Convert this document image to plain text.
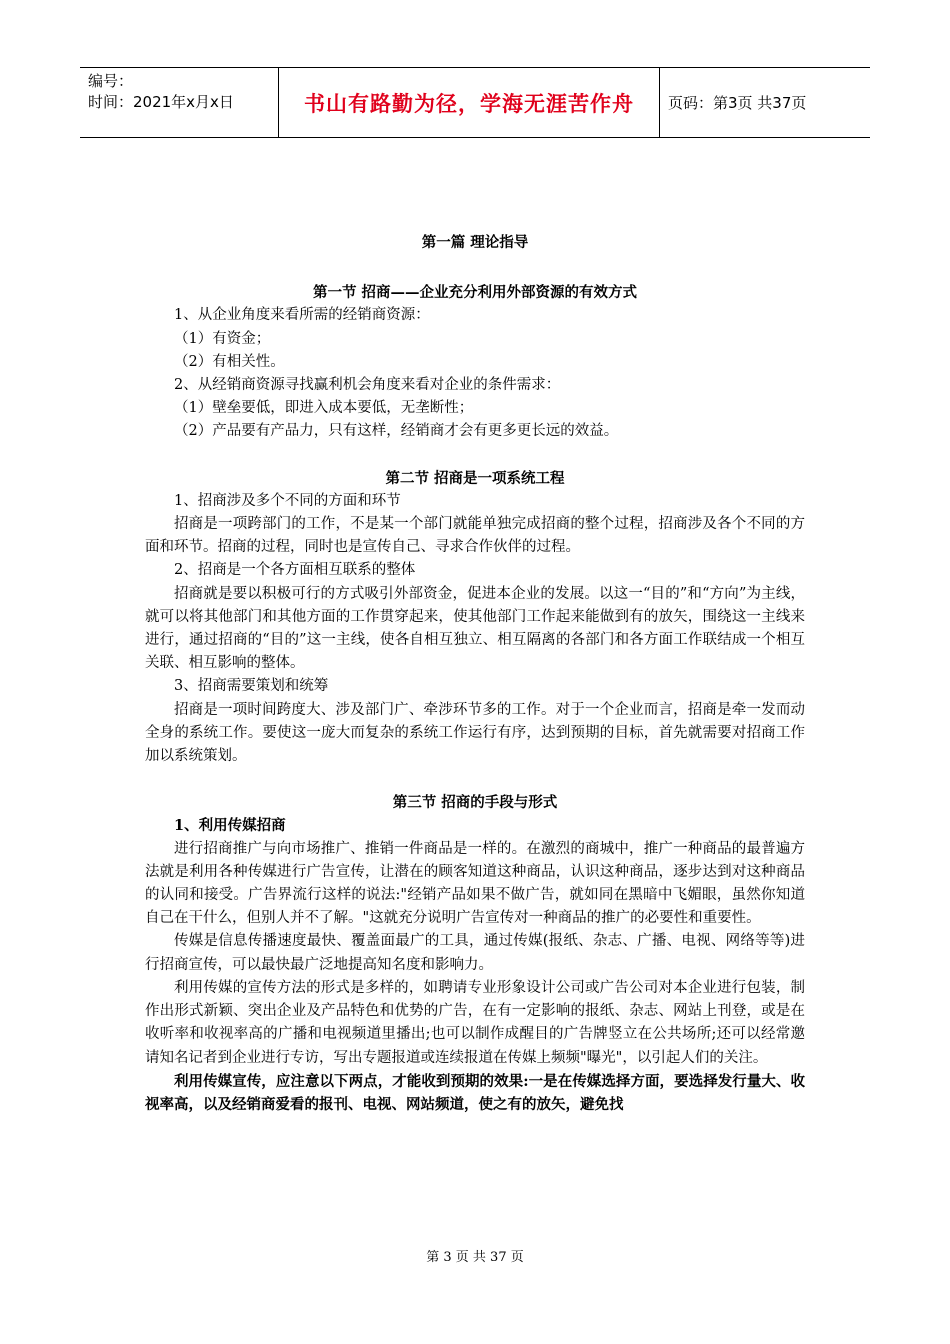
编号：
时间：2021年x月x日	书山有路勤为径，学海无涯苦作舟	页码：第3页 共37页

第一篇 理论指导

第一节 招商——企业充分利用外部资源的有效方式

1、从企业角度来看所需的经销商资源：

（1）有资金；

（2）有相关性。

2、从经销商资源寻找赢利机会角度来看对企业的条件需求：

（1）壁垒要低，即进入成本要低，无垄断性；

（2）产品要有产品力，只有这样，经销商才会有更多更长远的效益。

第二节 招商是一项系统工程

1、招商涉及多个不同的方面和环节

招商是一项跨部门的工作，不是某一个部门就能单独完成招商的整个过程，招商涉及各个不同的方面和环节。招商的过程，同时也是宣传自己、寻求合作伙伴的过程。

2、招商是一个各方面相互联系的整体

招商就是要以积极可行的方式吸引外部资金，促进本企业的发展。以这一“目的”和“方向”为主线，就可以将其他部门和其他方面的工作贯穿起来，使其他部门工作起来能做到有的放矢，围绕这一主线来进行，通过招商的“目的”这一主线，使各自相互独立、相互隔离的各部门和各方面工作联结成一个相互关联、相互影响的整体。

3、招商需要策划和统筹

招商是一项时间跨度大、涉及部门广、牵涉环节多的工作。对于一个企业而言，招商是牵一发而动全身的系统工作。要使这一庞大而复杂的系统工作运行有序，达到预期的目标，首先就需要对招商工作加以系统策划。

第三节 招商的手段与形式

1、利用传媒招商

进行招商推广与向市场推广、推销一件商品是一样的。在激烈的商城中，推广一种商品的最普遍方法就是利用各种传媒进行广告宣传，让潜在的顾客知道这种商品，认识这种商品，逐步达到对这种商品的认同和接受。广告界流行这样的说法:"经销产品如果不做广告，就如同在黑暗中飞媚眼，虽然你知道自己在干什么，但别人并不了解。"这就充分说明广告宣传对一种商品的推广的必要性和重要性。

传媒是信息传播速度最快、覆盖面最广的工具，通过传媒(报纸、杂志、广播、电视、网络等等)进行招商宣传，可以最快最广泛地提高知名度和影响力。

利用传媒的宣传方法的形式是多样的，如聘请专业形象设计公司或广告公司对本企业进行包装，制作出形式新颖、突出企业及产品特色和优势的广告，在有一定影响的报纸、杂志、网站上刊登，或是在收听率和收视率高的广播和电视频道里播出;也可以制作成醒目的广告牌竖立在公共场所;还可以经常邀请知名记者到企业进行专访，写出专题报道或连续报道在传媒上频频"曝光"，以引起人们的关注。

利用传媒宣传，应注意以下两点，才能收到预期的效果:一是在传媒选择方面，要选择发行量大、收视率高，以及经销商爱看的报刊、电视、网站频道，使之有的放矢，避免找

第 3 页 共 37 页
